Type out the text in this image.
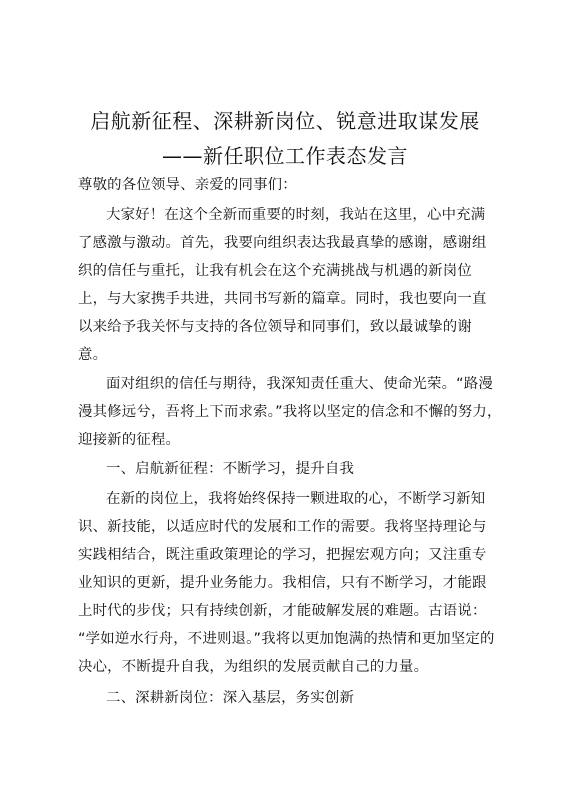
启航新征程、深耕新岗位、锐意进取谋发展
——新任职位工作表态发言
尊敬的各位领导、亲爱的同事们：
大家好！在这个全新而重要的时刻，我站在这里，心中充满
了感激与激动。首先，我要向组织表达我最真挚的感谢，感谢组
织的信任与重托，让我有机会在这个充满挑战与机遇的新岗位
上，与大家携手共进，共同书写新的篇章。同时，我也要向一直
以来给予我关怀与支持的各位领导和同事们，致以最诚挚的谢
意。
面对组织的信任与期待，我深知责任重大、使命光荣。“路漫
漫其修远兮，吾将上下而求索。”我将以坚定的信念和不懈的努力，
迎接新的征程。
一、启航新征程：不断学习，提升自我
在新的岗位上，我将始终保持一颗进取的心，不断学习新知
识、新技能，以适应时代的发展和工作的需要。我将坚持理论与
实践相结合，既注重政策理论的学习，把握宏观方向；又注重专
业知识的更新，提升业务能力。我相信，只有不断学习，才能跟
上时代的步伐；只有持续创新，才能破解发展的难题。古语说：
“学如逆水行舟，不进则退。”我将以更加饱满的热情和更加坚定的
决心，不断提升自我，为组织的发展贡献自己的力量。
二、深耕新岗位：深入基层，务实创新
